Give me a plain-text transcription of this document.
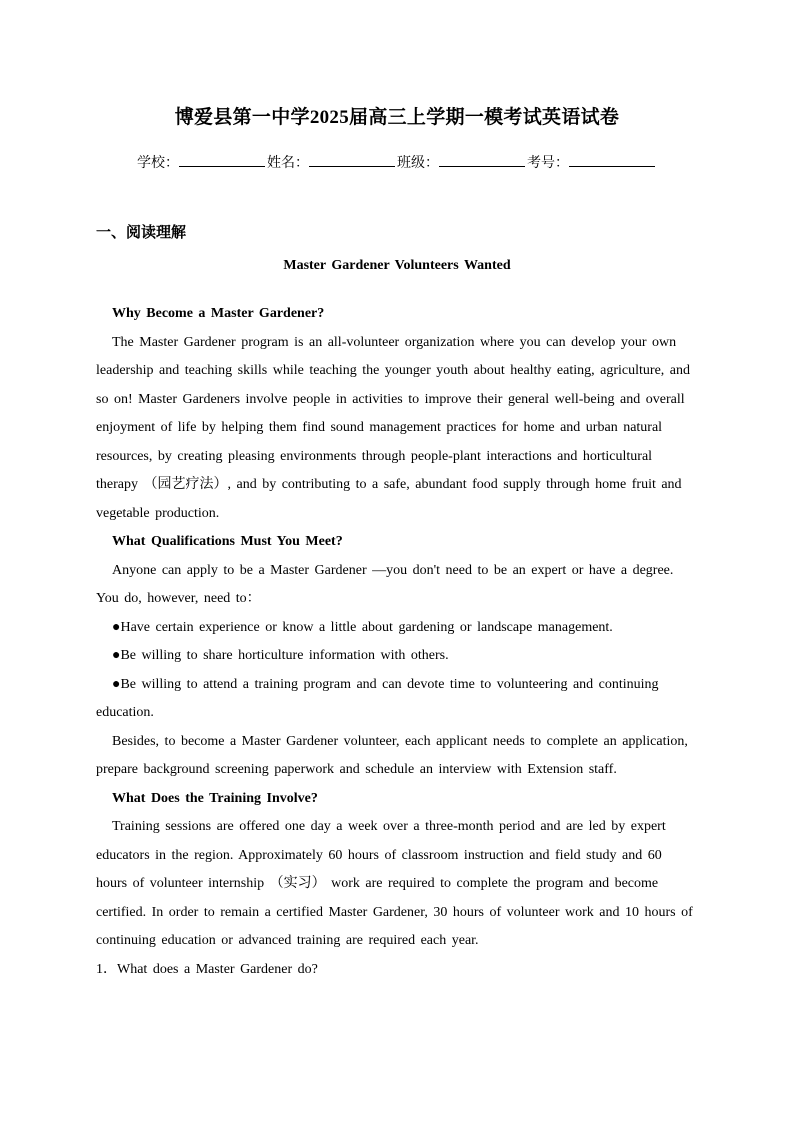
博爱县第一中学2025届高三上学期一模考试英语试卷
学校：	姓名：	班级：	考号：
一、阅读理解
Master Gardener Volunteers Wanted

Why Become a Master Gardener?

The Master Gardener program is an all-volunteer organization where you can develop your own leadership and teaching skills while teaching the younger youth about healthy eating, agriculture, and so on! Master Gardeners involve people in activities to improve their general well-being and overall enjoyment of life by helping them find sound management practices for home and urban natural resources, by creating pleasing environments through people-plant interactions and horticultural therapy （园艺疗法）, and by contributing to a safe, abundant food supply through home fruit and vegetable production.

What Qualifications Must You Meet?

Anyone can apply to be a Master Gardener —you don't need to be an expert or have a degree. You do, however, need to：

●Have certain experience or know a little about gardening or landscape management.

●Be willing to share horticulture information with others.

●Be willing to attend a training program and can devote time to volunteering and continuing education.

Besides, to become a Master Gardener volunteer, each applicant needs to complete an application, prepare background screening paperwork and schedule an interview with Extension staff.

What Does the Training Involve?

Training sessions are offered one day a week over a three-month period and are led by expert educators in the region. Approximately 60 hours of classroom instruction and field study and 60 hours of volunteer internship （实习） work are required to complete the program and become certified. In order to remain a certified Master Gardener, 30 hours of volunteer work and 10 hours of continuing education or advanced training are required each year.

1．What does a Master Gardener do?
